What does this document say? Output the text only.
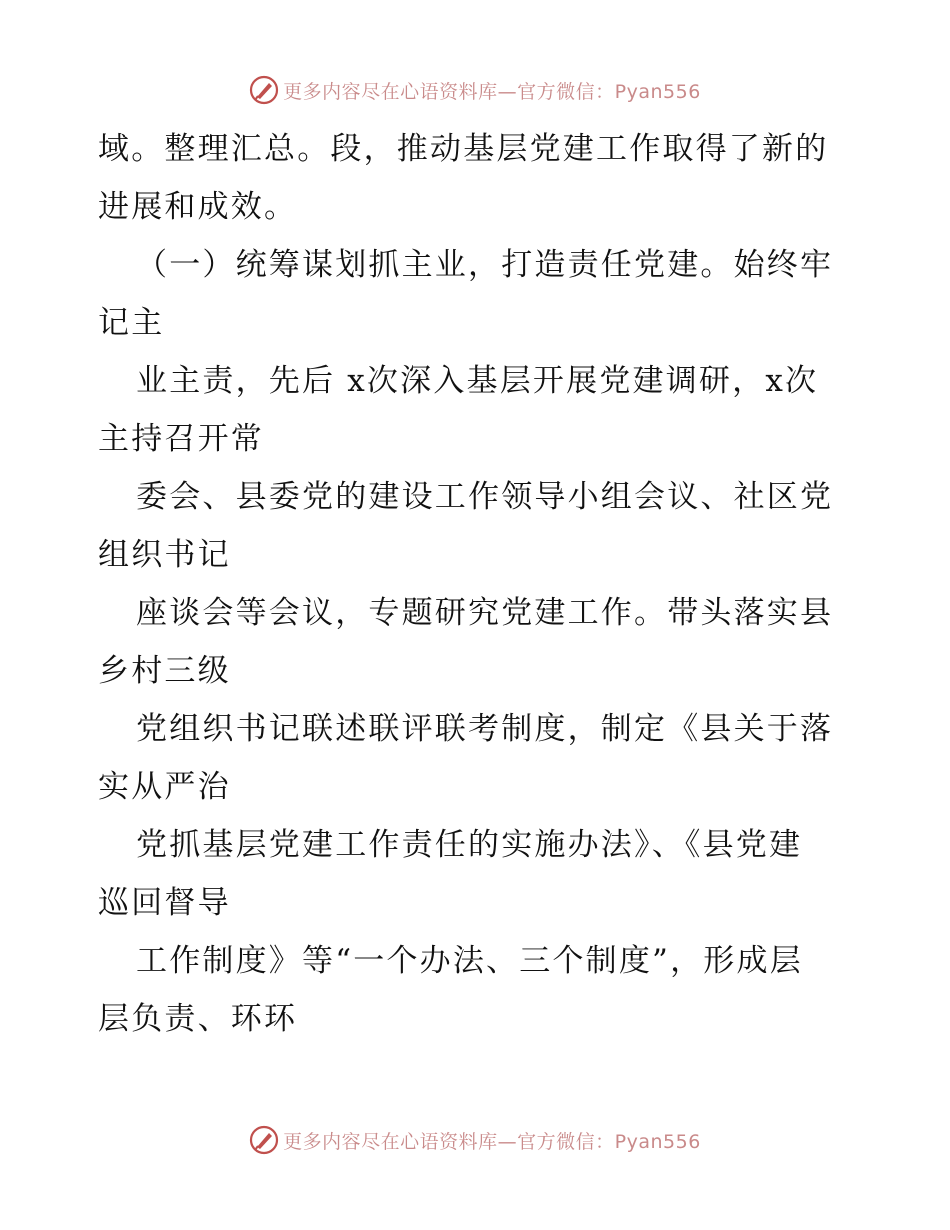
更多内容尽在心语资料库—官方微信：Pyan556
域。整理汇总。段，推动基层党建工作取得了新的
进展和成效。
（一）统筹谋划抓主业，打造责任党建。始终牢
记主
业主责，先后 x次深入基层开展党建调研，x次
主持召开常
委会、县委党的建设工作领导小组会议、社区党
组织书记
座谈会等会议，专题研究党建工作。带头落实县
乡村三级
党组织书记联述联评联考制度，制定《县关于落
实从严治
党抓基层党建工作责任的实施办法》、《县党建
巡回督导
工作制度》等“一个办法、三个制度”，形成层
层负责、环环
更多内容尽在心语资料库—官方微信：Pyan556
